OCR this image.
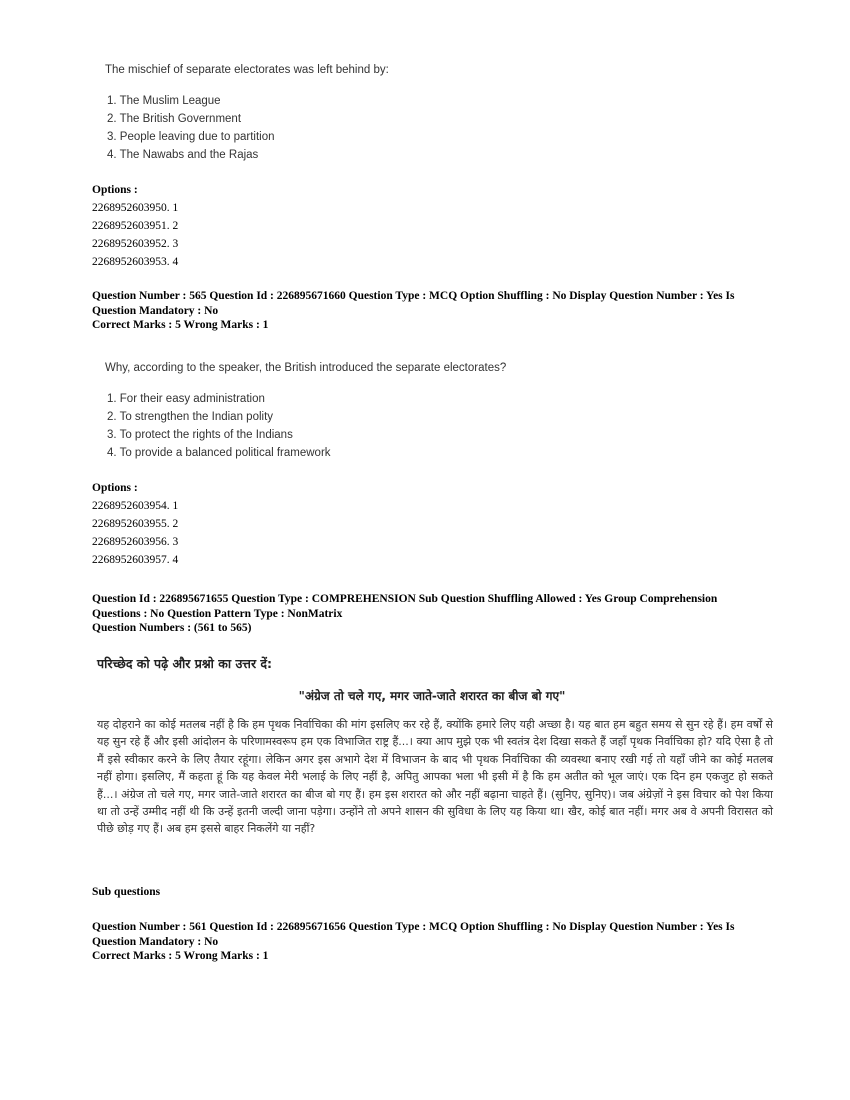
The mischief of separate electorates was left behind by:
1. The Muslim League
2. The British Government
3. People leaving due to partition
4. The Nawabs and the Rajas
Options :
2268952603950. 1
2268952603951. 2
2268952603952. 3
2268952603953. 4
Question Number : 565 Question Id : 226895671660 Question Type : MCQ Option Shuffling : No Display Question Number : Yes Is
Question Mandatory : No
Correct Marks : 5 Wrong Marks : 1
Why, according to the speaker, the British introduced the separate electorates?
1. For their easy administration
2. To strengthen the Indian polity
3. To protect the rights of the Indians
4. To provide a balanced political framework
Options :
2268952603954. 1
2268952603955. 2
2268952603956. 3
2268952603957. 4
Question Id : 226895671655 Question Type : COMPREHENSION Sub Question Shuffling Allowed : Yes Group Comprehension
Questions : No Question Pattern Type : NonMatrix
Question Numbers : (561 to 565)
परिच्छेद को पढ़े और प्रश्नो का उत्तर दें:
"अंग्रेज तो चले गए, मगर जाते-जाते शरारत का बीज बो गए"
यह दोहराने का कोई मतलब नहीं है कि हम पृथक निर्वाचिका की मांग इसलिए कर रहे हैं, क्योंकि हमारे लिए यही अच्छा है। यह बात हम बहुत समय से सुन रहे हैं। हम वर्षों से यह सुन रहे हैं और इसी आंदोलन के परिणामस्वरूप हम एक विभाजित राष्ट्र हैं...। क्या आप मुझे एक भी स्वतंत्र देश दिखा सकते हैं जहाँ पृथक निर्वाचिका हो? यदि ऐसा है तो मैं इसे स्वीकार करने के लिए तैयार रहूंगा। लेकिन अगर इस अभागे देश में विभाजन के बाद भी पृथक निर्वाचिका की व्यवस्था बनाए रखी गई तो यहाँ जीने का कोई मतलब नहीं होगा। इसलिए, मैं कहता हूं कि यह केवल मेरी भलाई के लिए नहीं है, अपितु आपका भला भी इसी में है कि हम अतीत को भूल जाएं। एक दिन हम एकजुट हो सकते हैं...। अंग्रेज तो चले गए, मगर जाते-जाते शरारत का बीज बो गए हैं। हम इस शरारत को और नहीं बढ़ाना चाहते हैं। (सुनिए, सुनिए)। जब अंग्रेज़ों ने इस विचार को पेश किया था तो उन्हें उम्मीद नहीं थी कि उन्हें इतनी जल्दी जाना पड़ेगा। उन्होंने तो अपने शासन की सुविधा के लिए यह किया था। खैर, कोई बात नहीं। मगर अब वे अपनी विरासत को पीछे छोड़ गए हैं। अब हम इससे बाहर निकलेंगे या नहीं?
Sub questions
Question Number : 561 Question Id : 226895671656 Question Type : MCQ Option Shuffling : No Display Question Number : Yes Is
Question Mandatory : No
Correct Marks : 5 Wrong Marks : 1
